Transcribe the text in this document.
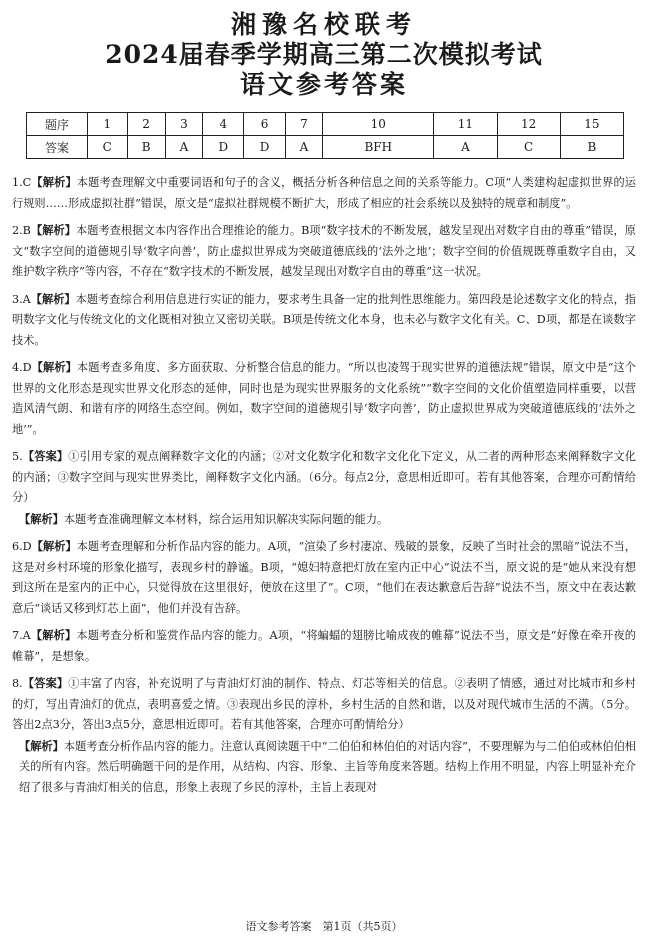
湘豫名校联考
2024届春季学期高三第二次模拟考试
语文参考答案
题序	1	2	3	4	6	7	10	11	12	15
答案	C	B	A	D	D	A	BFH	A	C	B

1.C【解析】本题考查理解文中重要词语和句子的含义，概括分析各种信息之间的关系等能力。C项“人类建构起虚拟世界的运行规则……形成虚拟社群”错误，原文是“虚拟社群规模不断扩大，形成了相应的社会系统以及独特的规章和制度”。

2.B【解析】本题考查根据文本内容作出合理推论的能力。B项“数字技术的不断发展，越发呈现出对数字自由的尊重”错误，原文“数字空间的道德规引导‘数字向善’，防止虚拟世界成为突破道德底线的‘法外之地’；数字空间的价值规既尊重数字自由，又维护数字秩序”等内容，不存在“数字技术的不断发展，越发呈现出对数字自由的尊重”这一状况。

3.A【解析】本题考查综合利用信息进行实证的能力，要求考生具备一定的批判性思维能力。第四段是论述数字文化的特点，指明数字文化与传统文化的文化既相对独立又密切关联。B项是传统文化本身，也未必与数字文化有关。C、D项，都是在谈数字技术。

4.D【解析】本题考查多角度、多方面获取、分析整合信息的能力。“所以也凌驾于现实世界的道德法规”错误，原文中是“这个世界的文化形态是现实世界文化形态的延伸，同时也是为现实世界服务的文化系统”“数字空间的文化价值塑造同样重要，以营造风清气朗、和谐有序的网络生态空间。例如，数字空间的道德规引导‘数字向善’，防止虚拟世界成为突破道德底线的‘法外之地’”。

5.【答案】①引用专家的观点阐释数字文化的内涵；②对文化数字化和数字文化化下定义，从二者的两种形态来阐释数字文化的内涵；③数字空间与现实世界类比，阐释数字文化内涵。（6分。每点2分，意思相近即可。若有其他答案，合理亦可酌情给分）

【解析】本题考查准确理解文本材料，综合运用知识解决实际问题的能力。

6.D【解析】本题考查理解和分析作品内容的能力。A项，“渲染了乡村凄凉、残破的景象，反映了当时社会的黑暗”说法不当，这是对乡村环境的形象化描写，表现乡村的静谧。B项，“媳妇特意把灯放在室内正中心”说法不当，原文说的是“她从来没有想到这所在是室内的正中心，只觉得放在这里很好，便放在这里了”。C项，“他们在表达歉意后告辞”说法不当，原文中在表达歉意后“谈话又移到灯芯上面”，他们并没有告辞。

7.A【解析】本题考查分析和鉴赏作品内容的能力。A项，“将蝙蝠的翅膀比喻成夜的帷幕”说法不当，原文是“好像在牵开夜的帷幕”，是想象。

8.【答案】①丰富了内容，补充说明了与青油灯灯油的制作、特点、灯芯等相关的信息。②表明了情感，通过对比城市和乡村的灯，写出青油灯的优点，表明喜爱之情。③表现出乡民的淳朴，乡村生活的自然和谐，以及对现代城市生活的不满。（5分。答出2点3分，答出3点5分，意思相近即可。若有其他答案，合理亦可酌情给分）

【解析】本题考查分析作品内容的能力。注意认真阅读题干中“二伯伯和林伯伯的对话内容”，不要理解为与二伯伯或林伯伯相关的所有内容。然后明确题干问的是作用，从结构、内容、形象、主旨等角度来答题。结构上作用不明显，内容上明显补充介绍了很多与青油灯相关的信息，形象上表现了乡民的淳朴，主旨上表现对

语文参考答案　第1页（共5页）
